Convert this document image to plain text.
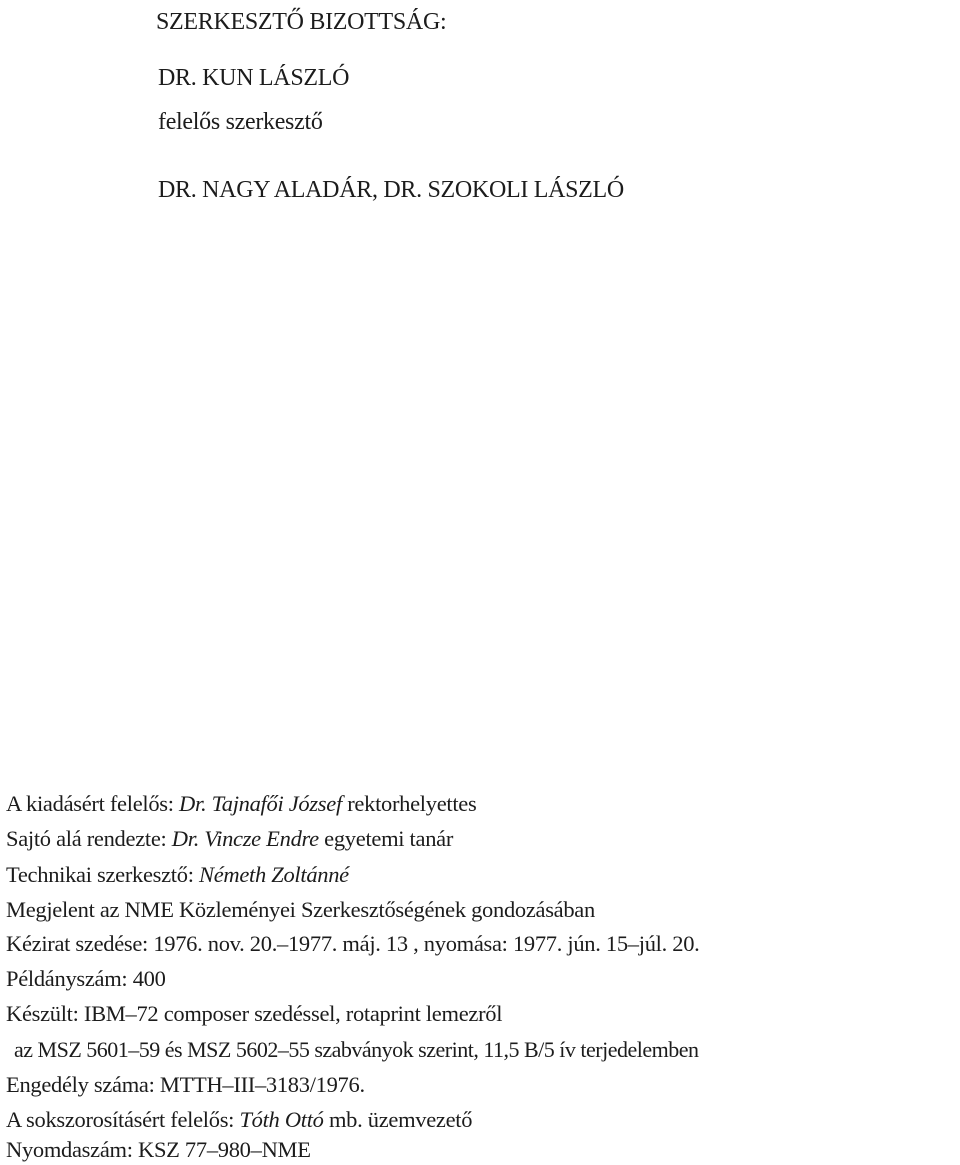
SZERKESZTŐ BIZOTTSÁG:
DR. KUN LÁSZLÓ
felelős szerkesztő
DR. NAGY ALADÁR, DR. SZOKOLI LÁSZLÓ
A kiadásért felelős: Dr. Tajnafői József rektorhelyettes
Sajtó alá rendezte: Dr. Vincze Endre egyetemi tanár
Technikai szerkesztő: Németh Zoltánné
Megjelent az NME Közleményei Szerkesztőségének gondozásában
Kézirat szedése: 1976. nov. 20.–1977. máj. 13 , nyomása: 1977. jún. 15–júl. 20.
Példányszám: 400
Készült: IBM–72 composer szedéssel, rotaprint lemezről
az MSZ 5601–59 és MSZ 5602–55 szabványok szerint, 11,5 B/5 ív terjedelemben
Engedély száma: MTTH–III–3183/1976.
A sokszorosításért felelős: Tóth Ottó mb. üzemvezető
Nyomdaszám: KSZ 77–980–NME
